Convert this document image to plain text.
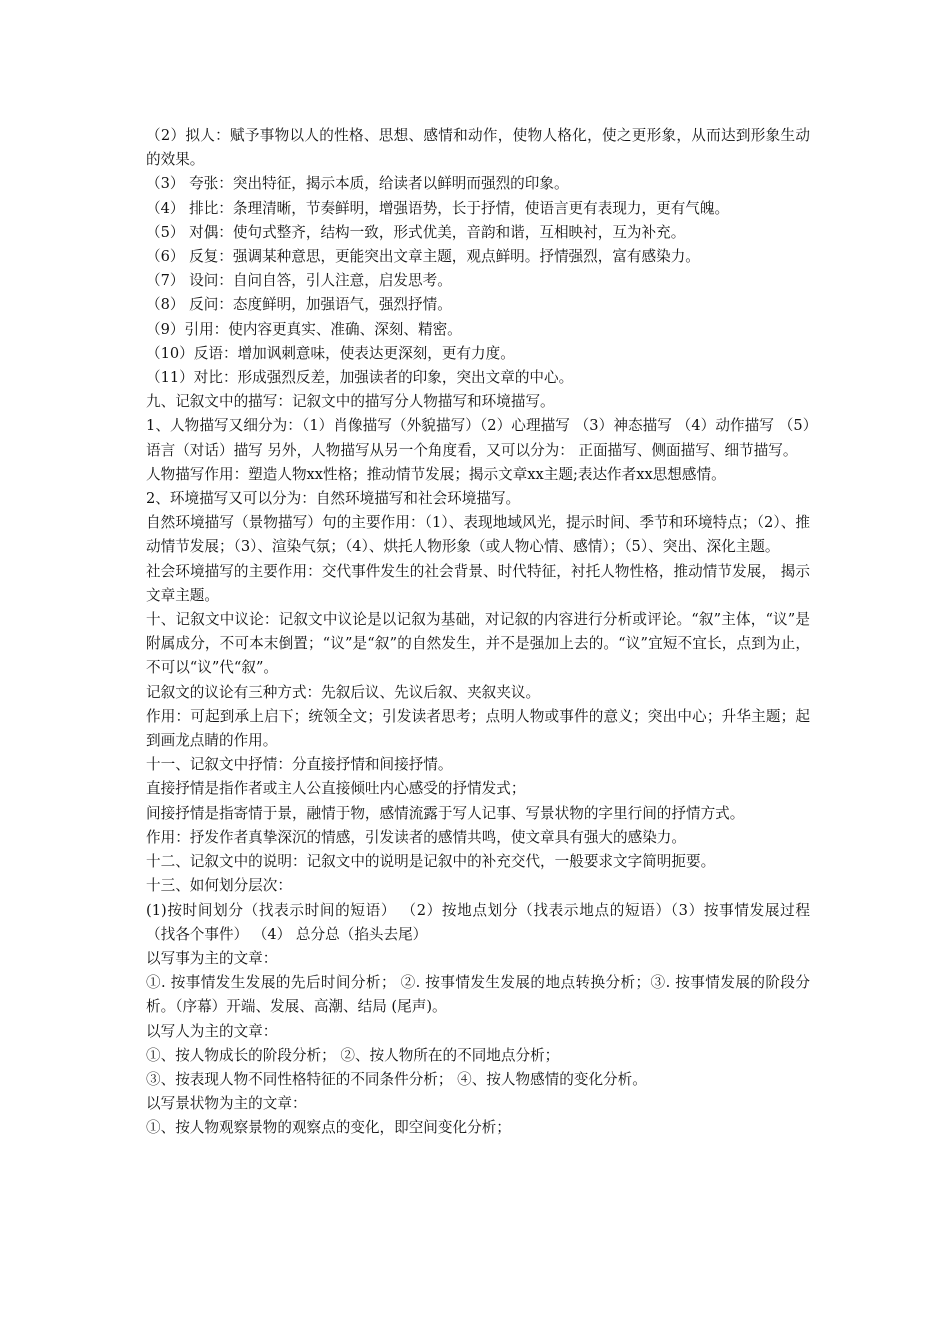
（2）拟人：赋予事物以人的性格、思想、感情和动作，使物人格化，使之更形象，从而达到形象生动的效果。

（3） 夸张：突出特征，揭示本质，给读者以鲜明而强烈的印象。

（4） 排比：条理清晰，节奏鲜明，增强语势，长于抒情，使语言更有表现力，更有气魄。

（5） 对偶：使句式整齐，结构一致，形式优美，音韵和谐，互相映衬，互为补充。

（6） 反复：强调某种意思，更能突出文章主题，观点鲜明。抒情强烈，富有感染力。

（7） 设问：自问自答，引人注意，启发思考。

（8） 反问：态度鲜明，加强语气，强烈抒情。

（9）引用：使内容更真实、准确、深刻、精密。

（10）反语：增加讽刺意味，使表达更深刻，更有力度。

（11）对比：形成强烈反差，加强读者的印象，突出文章的中心。

九、记叙文中的描写：记叙文中的描写分人物描写和环境描写。

1、人物描写又细分为：（1）肖像描写（外貌描写）（2）心理描写 （3）神态描写 （4）动作描写 （5）语言（对话）描写 另外，人物描写从另一个角度看，又可以分为： 正面描写、侧面描写、细节描写。

人物描写作用：塑造人物xx性格；推动情节发展；揭示文章xx主题;表达作者xx思想感情。

2、环境描写又可以分为：自然环境描写和社会环境描写。

自然环境描写（景物描写）句的主要作用：（1）、表现地域风光，提示时间、季节和环境特点；（2）、推动情节发展；（3）、渲染气氛；（4）、烘托人物形象（或人物心情、感情）；（5）、突出、深化主题。

社会环境描写的主要作用：交代事件发生的社会背景、时代特征，衬托人物性格，推动情节发展， 揭示文章主题。

十、记叙文中议论：记叙文中议论是以记叙为基础，对记叙的内容进行分析或评论。“叙”主体，“议”是附属成分，不可本末倒置；“议”是“叙”的自然发生，并不是强加上去的。“议”宜短不宜长，点到为止，不可以“议”代“叙”。

记叙文的议论有三种方式：先叙后议、先议后叙、夹叙夹议。

作用：可起到承上启下；统领全文；引发读者思考；点明人物或事件的意义；突出中心；升华主题；起到画龙点睛的作用。

十一、记叙文中抒情：分直接抒情和间接抒情。

直接抒情是指作者或主人公直接倾吐内心感受的抒情发式；

间接抒情是指寄情于景，融情于物，感情流露于写人记事、写景状物的字里行间的抒情方式。

作用：抒发作者真挚深沉的情感，引发读者的感情共鸣，使文章具有强大的感染力。

十二、记叙文中的说明：记叙文中的说明是记叙中的补充交代，一般要求文字简明扼要。

十三、如何划分层次：

(1)按时间划分（找表示时间的短语） （2）按地点划分（找表示地点的短语）（3）按事情发展过程（找各个事件） （4） 总分总（掐头去尾）

以写事为主的文章：

①. 按事情发生发展的先后时间分析； ②. 按事情发生发展的地点转换分析；③. 按事情发展的阶段分析。（序幕）开端、发展、高潮、结局 (尾声)。

以写人为主的文章：

①、按人物成长的阶段分析； ②、按人物所在的不同地点分析；

③、按表现人物不同性格特征的不同条件分析； ④、按人物感情的变化分析。

以写景状物为主的文章：

①、按人物观察景物的观察点的变化，即空间变化分析；
